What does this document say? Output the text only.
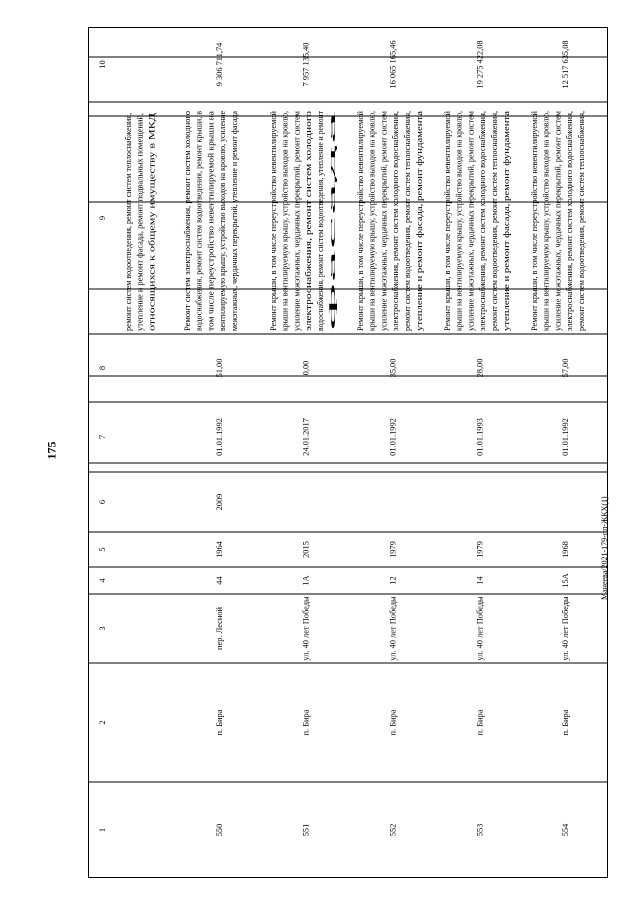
175
1
2
3
4
5
6
7
8
9
10
ремонт систем водоотведения, ремонт систем теплоснабжения, утепление и ремонт фасада, ремонт подвальных помещений, относящихся к общему имуществу в МКД
550
п. Бира
пер. Лесной
44
1964
2009
01.01.1992
51,00
Ремонт систем электроснабжения, ремонт систем холодного водоснабжения, ремонт систем водоотведения, ремонт крыши, в том числе переустройство невентилируемой крыши на вентилируемую крышу, устройство выходов на кровлю, усиление межэтажных, чердачных перекрытий, утепление и ремонт фасада
9 306 711,74
551
п. Бира
ул. 40 лет Победы
1А
2015
24.01.2017
0,00
Ремонт крыши, в том числе переустройство невентилируемой крыши на вентилируемую крышу, устройство выходов на кровлю, усиление межэтажных, чердачных перекрытий, ремонт систем электроснабжения, ремонт систем холодного водоснабжения, ремонт систем водоотведения, утепление и ремонт фасада
7 957 135,40
552
п. Бира
ул. 40 лет Победы
12
1979
01.01.1992
35,00
Ремонт крыши, в том числе переустройство невентилируемой крыши на вентилируемую крышу, устройство выходов на кровлю, усиление межэтажных, чердачных перекрытий, ремонт систем электроснабжения, ремонт систем холодного водоснабжения, ремонт систем водоотведения, ремонт систем теплоснабжения, утепление и ремонт фасада, ремонт фундамента
16 065 165,46
553
п. Бира
ул. 40 лет Победы
14
1979
01.01.1993
28,00
Ремонт крыши, в том числе переустройство невентилируемой крыши на вентилируемую крышу, устройство выходов на кровлю, усиление межэтажных, чердачных перекрытий, ремонт систем электроснабжения, ремонт систем холодного водоснабжения, ремонт систем водоотведения, ремонт систем теплоснабжения, утепление и ремонт фасада, ремонт фундамента
19 275 422,08
554
п. Бира
ул. 40 лет Победы
15А
1968
01.01.1992
57,00
Ремонт крыши, в том числе переустройство невентилируемой крыши на вентилируемую крышу, устройство выходов на кровлю, усиление межэтажных, чердачных перекрытий, ремонт систем электроснабжения, ремонт систем холодного водоснабжения, ремонт систем водоотведения, ремонт систем теплоснабжения,
12 517 635,08
Манеева/2021-179-пп-ЖКХ(1)
